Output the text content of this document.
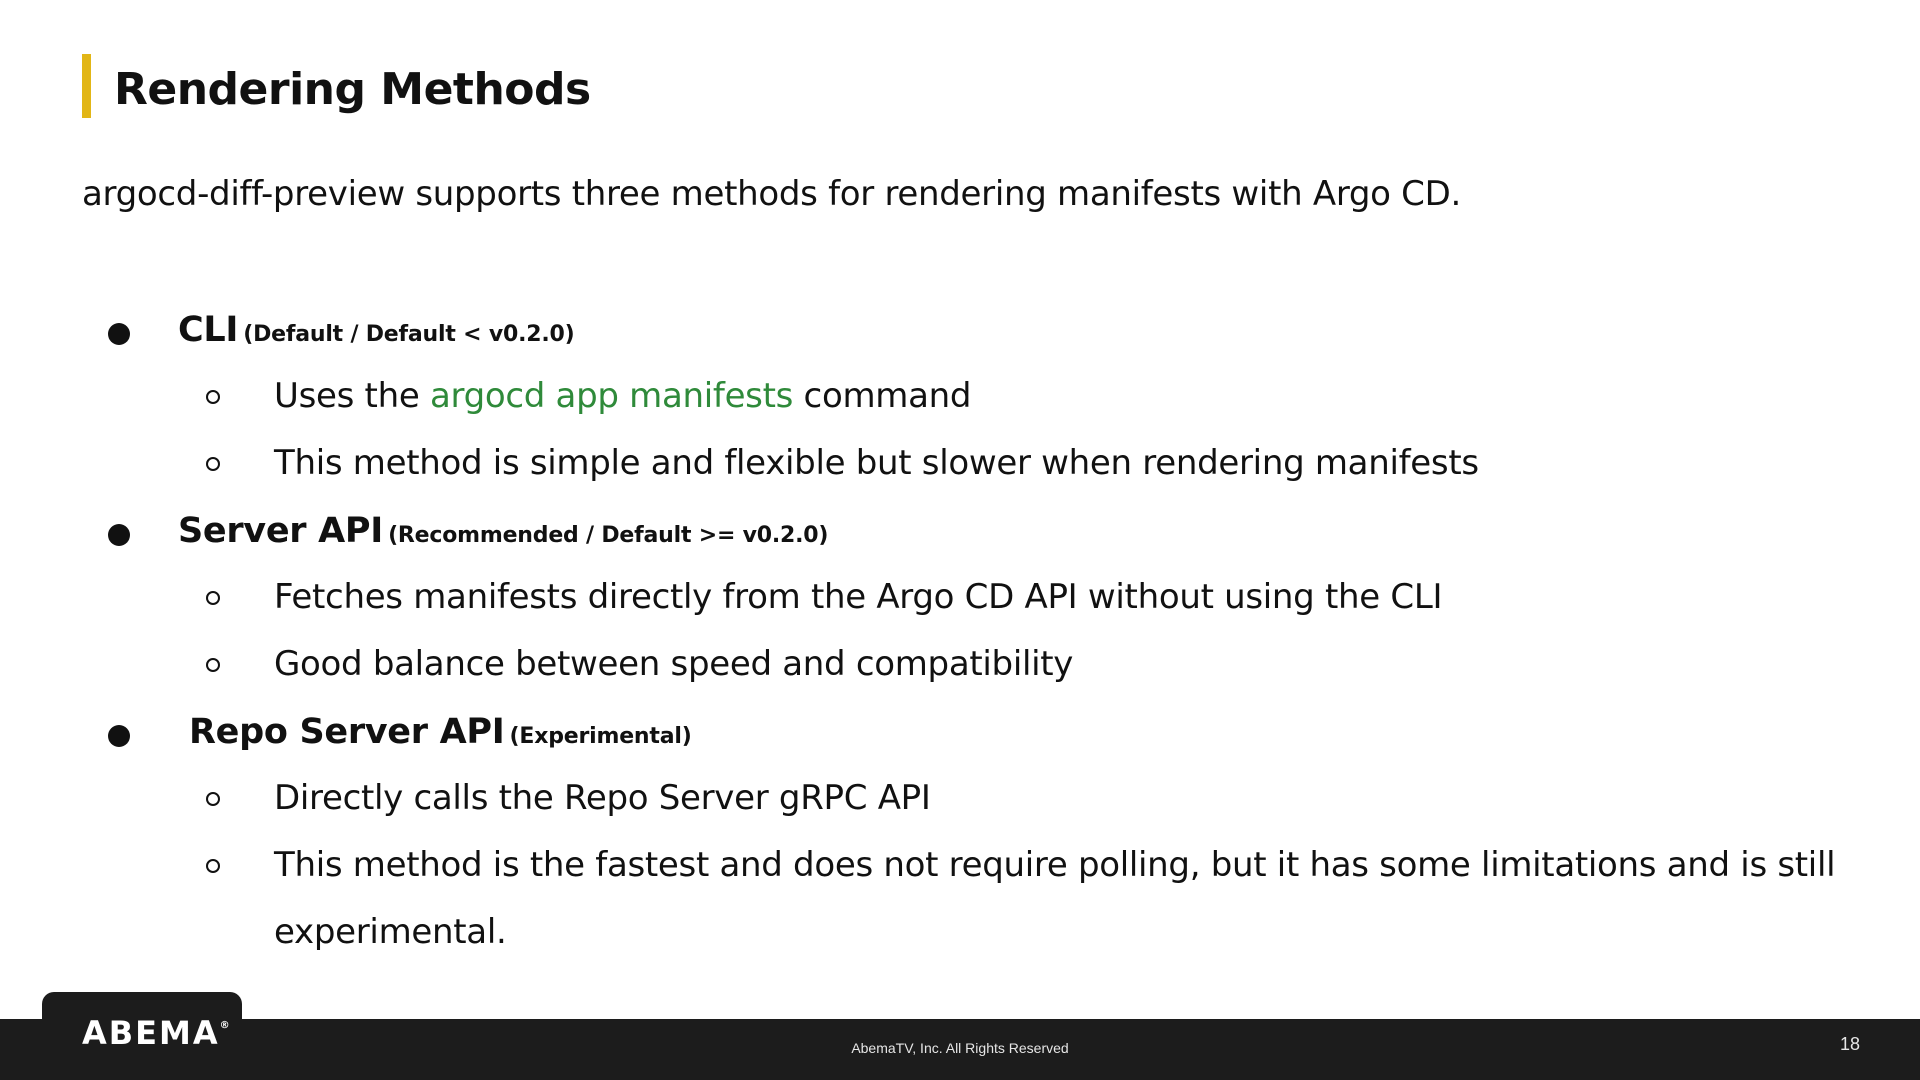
Rendering Methods

argocd-diff-preview supports three methods for rendering manifests with Argo CD.

CLI (Default / Default < v0.2.0)
Uses the argocd app manifests command
This method is simple and flexible but slower when rendering manifests
Server API (Recommended / Default >= v0.2.0)
Fetches manifests directly from the Argo CD API without using the CLI
Good balance between speed and compatibility
Repo Server API (Experimental)
Directly calls the Repo Server gRPC API
This method is the fastest and does not require polling, but it has some limitations and is still
experimental.
ABEMA®
AbemaTV, Inc. All Rights Reserved	18
